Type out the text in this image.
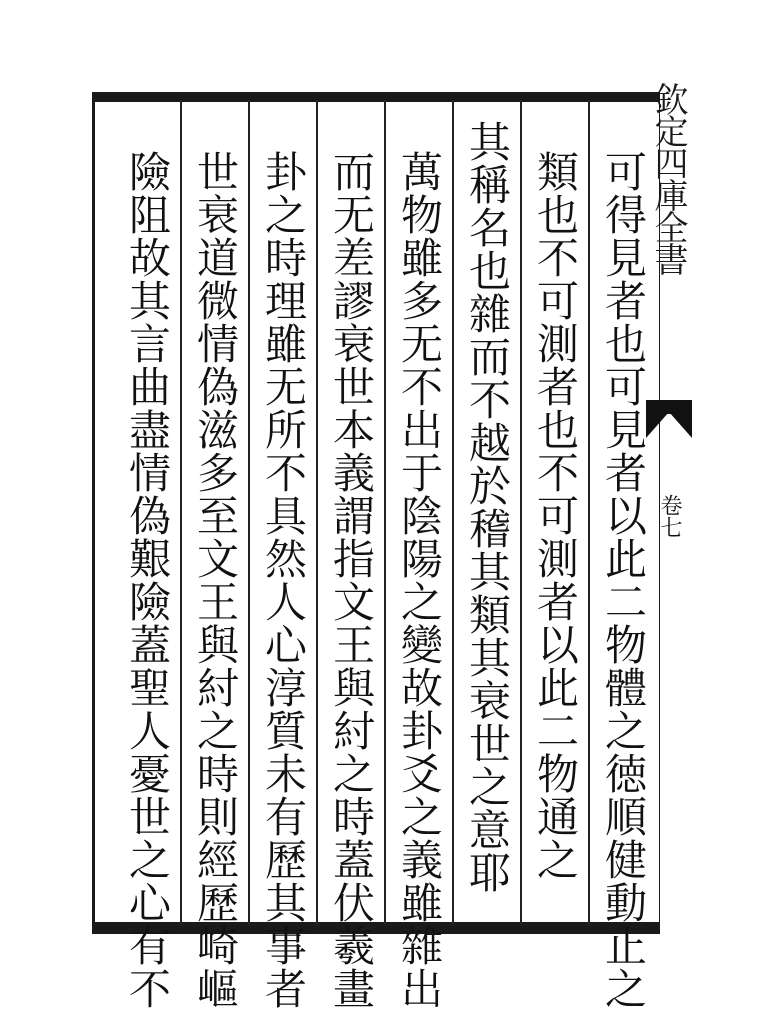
欽定四庫全書
卷七
可得見者也可見者以此二物體之徳順健動止之
類也不可測者也不可測者以此二物通之
其稱名也雜而不越於稽其類其衰世之意耶
萬物雖多无不出于陰陽之變故卦爻之義雖雜出
而无差謬衰世本義謂指文王與紂之時蓋伏羲畫
卦之時理雖无所不具然人心淳質未有歷其事者
世衰道微情偽滋多至文王與紂之時則經歷崎嶇
險阻故其言曲盡情偽艱險蓋聖人憂世之心有不
